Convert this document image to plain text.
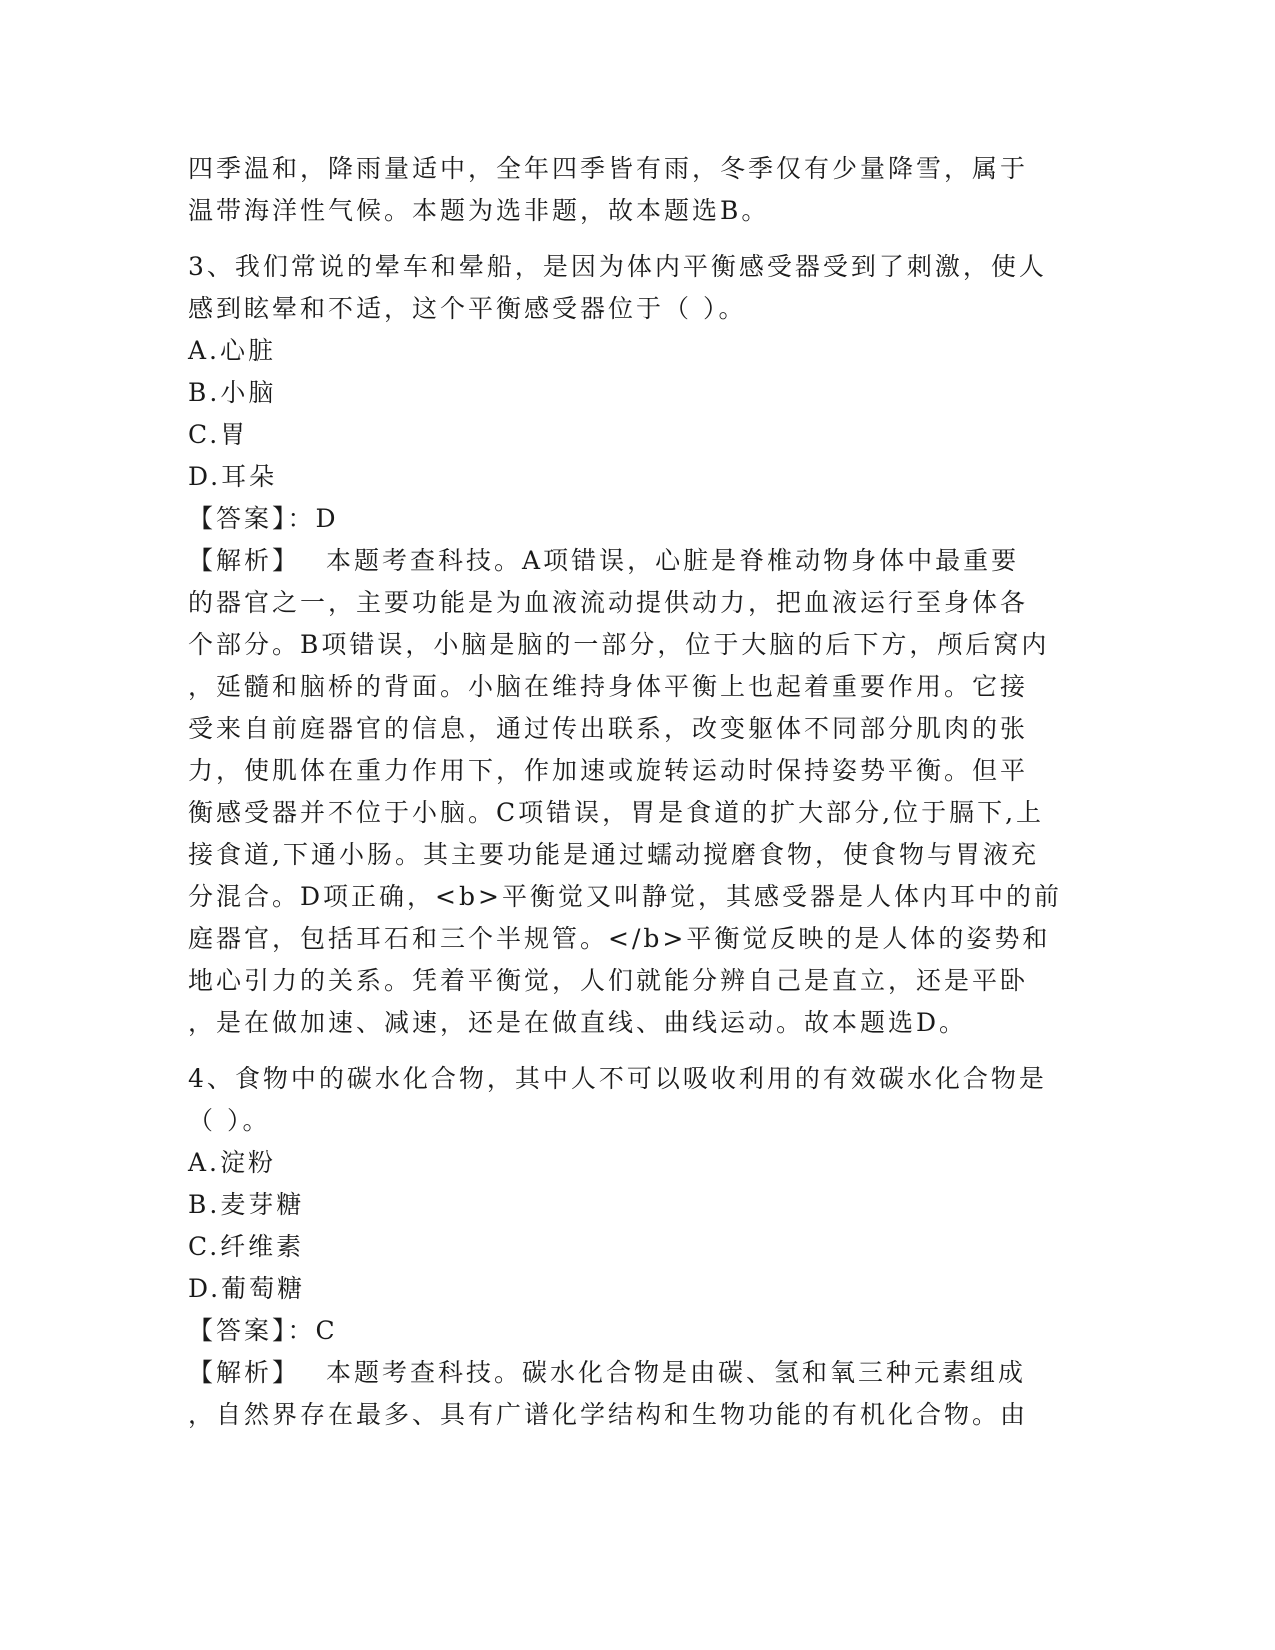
四季温和，降雨量适中，全年四季皆有雨，冬季仅有少量降雪，属于
温带海洋性气候。本题为选非题，故本题选B。
3、我们常说的晕车和晕船，是因为体内平衡感受器受到了刺激，使人
感到眩晕和不适，这个平衡感受器位于（ ）。
A.心脏
B.小脑
C.胃
D.耳朵
【答案】：D
【解析】 本题考查科技。A项错误，心脏是脊椎动物身体中最重要
的器官之一，主要功能是为血液流动提供动力，把血液运行至身体各
个部分。B项错误，小脑是脑的一部分，位于大脑的后下方，颅后窝内
，延髓和脑桥的背面。小脑在维持身体平衡上也起着重要作用。它接
受来自前庭器官的信息，通过传出联系，改变躯体不同部分肌肉的张
力，使肌体在重力作用下，作加速或旋转运动时保持姿势平衡。但平
衡感受器并不位于小脑。C项错误，胃是食道的扩大部分,位于膈下,上
接食道,下通小肠。其主要功能是通过蠕动搅磨食物，使食物与胃液充
分混合。D项正确，<b>平衡觉又叫静觉，其感受器是人体内耳中的前
庭器官，包括耳石和三个半规管。</b>平衡觉反映的是人体的姿势和
地心引力的关系。凭着平衡觉，人们就能分辨自己是直立，还是平卧
，是在做加速、减速，还是在做直线、曲线运动。故本题选D。
4、食物中的碳水化合物，其中人不可以吸收利用的有效碳水化合物是
（ ）。
A.淀粉
B.麦芽糖
C.纤维素
D.葡萄糖
【答案】：C
【解析】 本题考查科技。碳水化合物是由碳、氢和氧三种元素组成
，自然界存在最多、具有广谱化学结构和生物功能的有机化合物。由
